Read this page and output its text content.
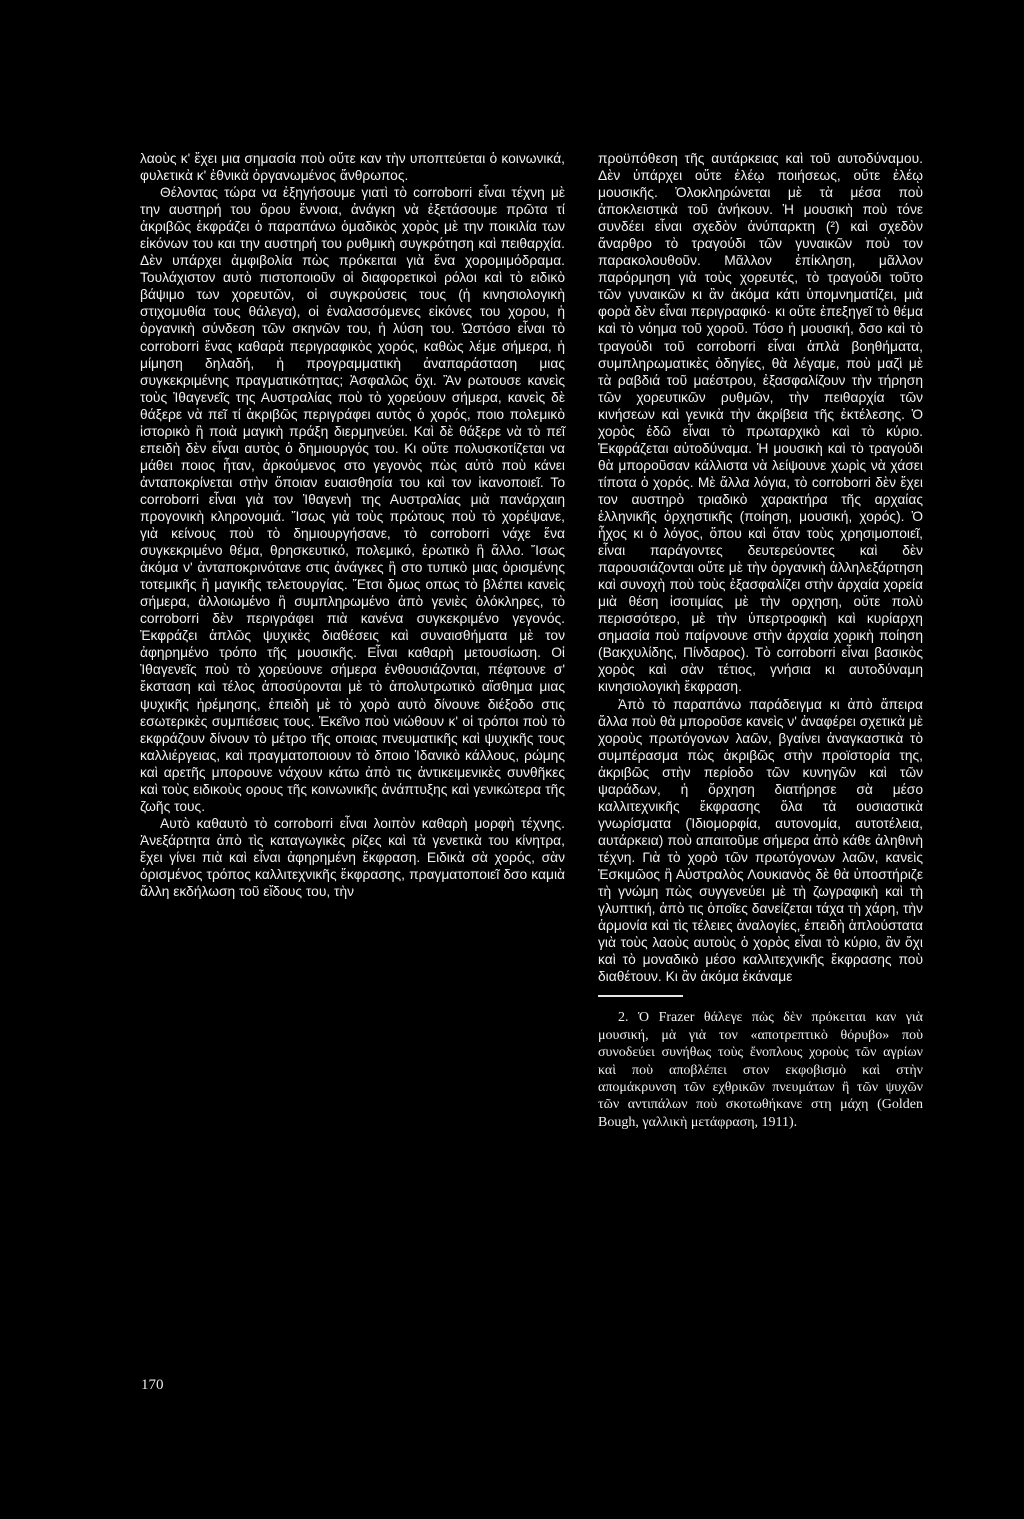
λαοὺς κ' ἔχει μια σημασία ποὺ οὔτε καν τὴν υποπτεύεται ὁ κοινωνικά, φυλετικὰ κ' ἐθνικὰ ὀργανωμένος ἄνθρωπος.

Θέλοντας τώρα να ἐξηγήσουμε γιατὶ τὸ corroborri εἶναι τέχνη μὲ την αυστηρή του ὅρου ἔννοια, ἀνάγκη νὰ ἐξετάσουμε πρῶτα τί ἀκριβῶς ἐκφράζει ὁ παραπάνω ὁμαδικὸς χορὸς μὲ την ποικιλία των εἰκόνων του και την αυστηρή του ρυθμικὴ συγκρότηση καὶ πειθαρχία. Δὲν υπάρχει ἀμφιβολία πὼς πρόκειται γιὰ ἕνα χορομιμόδραμα. Τουλάχιστον αυτὸ πιστοποιοῦν οἱ διαφορετικοὶ ρόλοι καὶ τὸ ειδικὸ βάψιμο των χορευτῶν, οἱ συγκρούσεις τους (ἡ κινησιολογικὴ στιχομυθία τους θάλεγα), οἱ ἐναλασσόμενες εἰκόνες του χορου, ἡ ὀργανικὴ σύνδεση τῶν σκηνῶν του, ἡ λύση του. Ὡστόσο εἶναι τὸ corroborri ἕνας καθαρὰ περιγραφικὸς χορός, καθὼς λέμε σήμερα, ἡ μίμηση δηλαδή, ἡ προγραμματικὴ ἀναπαράσταση μιας συγκεκριμένης πραγματικότητας; Ἀσφαλῶς ὄχι. Ἂν ρωτουσε κανεὶς τοὺς Ἰθαγενεῖς της Αυστραλίας ποὺ τὸ χορεύουν σήμερα, κανεὶς δὲ θάξερε νὰ πεῖ τί ἀκριβῶς περιγράφει αυτὸς ὁ χορός, ποιο πολεμικὸ ἱστορικὸ ἢ ποιὰ μαγικὴ πράξη διερμηνεύει. Καὶ δὲ θάξερε νὰ τὸ πεῖ επειδὴ δὲν εἶναι αυτὸς ὁ δημιουργός του. Κι οὔτε πολυσκοτίζεται να μάθει ποιος ἦταν, ἀρκούμενος στο γεγονὸς πὼς αὐτὸ ποὺ κάνει ἀνταποκρίνεται στὴν ὅποιαν ευαισθησία του καὶ τον ἱκανοποιεῖ. Το corroborri εἶναι γιὰ τον Ἰθαγενὴ της Αυστραλίας μιὰ πανάρχαιη προγονικὴ κληρονομιά. Ἴσως γιὰ τοὺς πρώτους ποὺ τὸ χορέψανε, γιὰ κείνους ποὺ τὸ δημιουργήσανε, τὸ corroborri νάχε ἕνα συγκεκριμένο θέμα, θρησκευτικό, πολεμικό, ἐρωτικὸ ἢ ἄλλο. Ἴσως ἀκόμα ν' ἀνταποκρινότανε στις ἀνάγκες ἢ στο τυπικὸ μιας ὁρισμένης τοτεμικῆς ἢ μαγικῆς τελετουργίας. Ἔτσι δμως οπως τὸ βλέπει κανεὶς σήμερα, ἀλλοιωμένο ἢ συμπληρωμένο ἀπὸ γενιὲς ὁλόκληρες, τὸ corroborri δὲν περιγράφει πιὰ κανένα συγκεκριμένο γεγονός. Ἐκφράζει ἁπλῶς ψυχικὲς διαθέσεις καὶ συναισθήματα μὲ τον ἀφηρημένο τρόπο τῆς μουσικῆς. Εἶναι καθαρὴ μετουσίωση. Οἱ Ἰθαγενεῖς ποὺ τὸ χορεύουνε σήμερα ἐνθουσιάζονται, πέφτουνε σ' ἔκσταση καὶ τέλος ἀποσύρονται μὲ τὸ ἀπολυτρωτικὸ αἴσθημα μιας ψυχικῆς ἠρέμησης, ἐπειδὴ μὲ τὸ χορὸ αυτὸ δίνουνε διέξοδο στις εσωτερικὲς συμπιέσεις τους. Ἐκεῖνο ποὺ νιώθουν κ' οἱ τρόποι ποὺ τὸ εκφράζουν δίνουν τὸ μέτρο τῆς οποιας πνευματικῆς καὶ ψυχικῆς τους καλλιέργειας, καὶ πραγματοποιουν τὸ δποιο Ἰδανικὸ κάλλους, ρώμης καὶ αρετῆς μπορουνε νάχουν κάτω ἀπὸ τις ἀντικειμενικὲς συνθῆκες καὶ τοὺς ειδικοὺς ορους τῆς κοινωνικῆς ἀνάπτυξης καὶ γενικώτερα τῆς ζωῆς τους.

Αυτὸ καθαυτὸ τὸ corroborri εἶναι λοιπὸν καθαρὴ μορφὴ τέχνης. Ἀνεξάρτητα ἀπὸ τὶς καταγωγικὲς ρίζες καὶ τὰ γενετικὰ του κίνητρα, ἔχει γίνει πιὰ καὶ εἶναι ἀφηρημένη ἔκφραση. Ειδικὰ σὰ χορός, σὰν ὁρισμένος τρόπος καλλιτεχνικῆς ἔκφρασης, πραγματοποιεῖ δσο καμιὰ ἄλλη εκδήλωση τοῦ εἴδους του, τὴν

προϋπόθεση τῆς αυτάρκειας καὶ τοῦ αυτοδύναμου. Δὲν ὑπάρχει οὔτε ἐλέῳ ποιήσεως, οὔτε ἐλέῳ μουσικῆς. Ὁλοκληρώνεται μὲ τὰ μέσα ποὺ ἀποκλειστικὰ τοῦ ἀνήκουν. Ἡ μουσικὴ ποὺ τόνε συνδέει εἶναι σχεδὸν ἀνύπαρκτη (²) καὶ σχεδὸν ἄναρθρο τὸ τραγούδι τῶν γυναικῶν ποὺ τον παρακολουθοῦν. Μᾶλλον ἐπίκληση, μᾶλλον παρόρμηση γιὰ τοὺς χορευτές, τὸ τραγούδι τοῦτο τῶν γυναικῶν κι ἂν ἀκόμα κάτι ὑπομνηματίζει, μιὰ φορὰ δὲν εἶναι περιγραφικό· κι οὔτε ἐπεξηγεῖ τὸ θέμα καὶ τὸ νόημα τοῦ χοροῦ. Τόσο ἡ μουσική, δσο καὶ τὸ τραγούδι τοῦ corroborri εἶναι ἁπλὰ βοηθήματα, συμπληρωματικὲς ὁδηγίες, θὰ λέγαμε, ποὺ μαζὶ μὲ τὰ ραβδιά τοῦ μαέστρου, ἐξασφαλίζουν τὴν τήρηση τῶν χορευτικῶν ρυθμῶν, τὴν πειθαρχία τῶν κινήσεων καὶ γενικὰ τὴν ἀκρίβεια τῆς ἐκτέλεσης. Ὁ χορὸς ἐδῶ εἶναι τὸ πρωταρχικὸ καὶ τὸ κύριο. Ἐκφράζεται αὐτοδύναμα. Ἡ μουσικὴ καὶ τὸ τραγούδι θὰ μποροῦσαν κάλλιστα νὰ λείψουνε χωρὶς νὰ χάσει τίποτα ὁ χορός. Μὲ ἄλλα λόγια, τὸ corroborri δὲν ἔχει τον αυστηρὸ τριαδικὸ χαρακτήρα τῆς αρχαίας ἑλληνικῆς ὀρχηστικῆς (ποίηση, μουσική, χορός). Ὁ ἦχος κι ὁ λόγος, ὅπου καὶ ὅταν τοὺς χρησιμοποιεῖ, εἶναι παράγοντες δευτερεύοντες καὶ δὲν παρουσιάζονται οὔτε μὲ τὴν ὀργανικὴ ἀλληλεξάρτηση καὶ συνοχὴ ποὺ τοὺς ἐξασφαλίζει στὴν ἀρχαία χορεία μιὰ θέση ἰσοτιμίας μὲ τὴν ορχηση, οὔτε πολὺ περισσότερο, μὲ τὴν ὑπερτροφικὴ καὶ κυρίαρχη σημασία ποὺ παίρνουνε στὴν ἀρχαία χορικὴ ποίηση (Βακχυλίδης, Πίνδαρος). Τὸ corroborri εἶναι βασικὸς χορὸς καὶ σὰν τέτιος, γνήσια κι αυτοδύναμη κινησιολογικὴ ἔκφραση.

Ἀπὸ τὸ παραπάνω παράδειγμα κι ἀπὸ ἄπειρα ἄλλα ποὺ θὰ μποροῦσε κανεὶς ν' ἀναφέρει σχετικὰ μὲ χοροὺς πρωτόγονων λαῶν, βγαίνει ἀναγκαστικὰ τὸ συμπέρασμα πὼς ἀκριβῶς στὴν προϊστορία της, ἀκριβῶς στὴν περίοδο τῶν κυνηγῶν καὶ τῶν ψαράδων, ἡ ὄρχηση διατήρησε σὰ μέσο καλλιτεχνικῆς ἔκφρασης ὅλα τὰ ουσιαστικὰ γνωρίσματα (Ἰδιομορφία, αυτονομία, αυτοτέλεια, αυτάρκεια) ποὺ απαιτοῦμε σήμερα ἀπὸ κάθε ἀληθινὴ τέχνη. Γιὰ τὸ χορὸ τῶν πρωτόγονων λαῶν, κανεὶς Ἐσκιμῶος ἢ Αὐστραλὸς Λουκιανὸς δὲ θὰ ὑποστήριζε τὴ γνώμη πὼς συγγενεύει μὲ τὴ ζωγραφικὴ καὶ τὴ γλυπτική, ἀπὸ τις ὁποῖες δανείζεται τάχα τὴ χάρη, τὴν ἁρμονία καὶ τὶς τέλειες ἀναλογίες, ἐπειδὴ ἁπλούστατα γιὰ τοὺς λαοὺς αυτοὺς ὁ χορὸς εἶναι τὸ κύριο, ἂν ὄχι καὶ τὸ μοναδικὸ μέσο καλλιτεχνικῆς ἔκφρασης ποὺ διαθέτουν. Κι ἂν ἀκόμα ἐκάναμε

2. Ὁ Frazer θάλεγε πὼς δὲν πρόκειται καν γιὰ μουσική, μὰ γιὰ τον «αποτρεπτικὸ θόρυβο» ποὺ συνοδεύει συνήθως τοὺς ἔνοπλους χοροὺς τῶν αγρίων καὶ ποὺ αποβλέπει στον εκφοβισμὸ καὶ στὴν απομάκρυνση τῶν εχθρικῶν πνευμάτων ἢ τῶν ψυχῶν τῶν αντιπάλων ποὺ σκοτωθήκανε στη μάχη (Golden Bough, γαλλικὴ μετάφραση, 1911).

170
